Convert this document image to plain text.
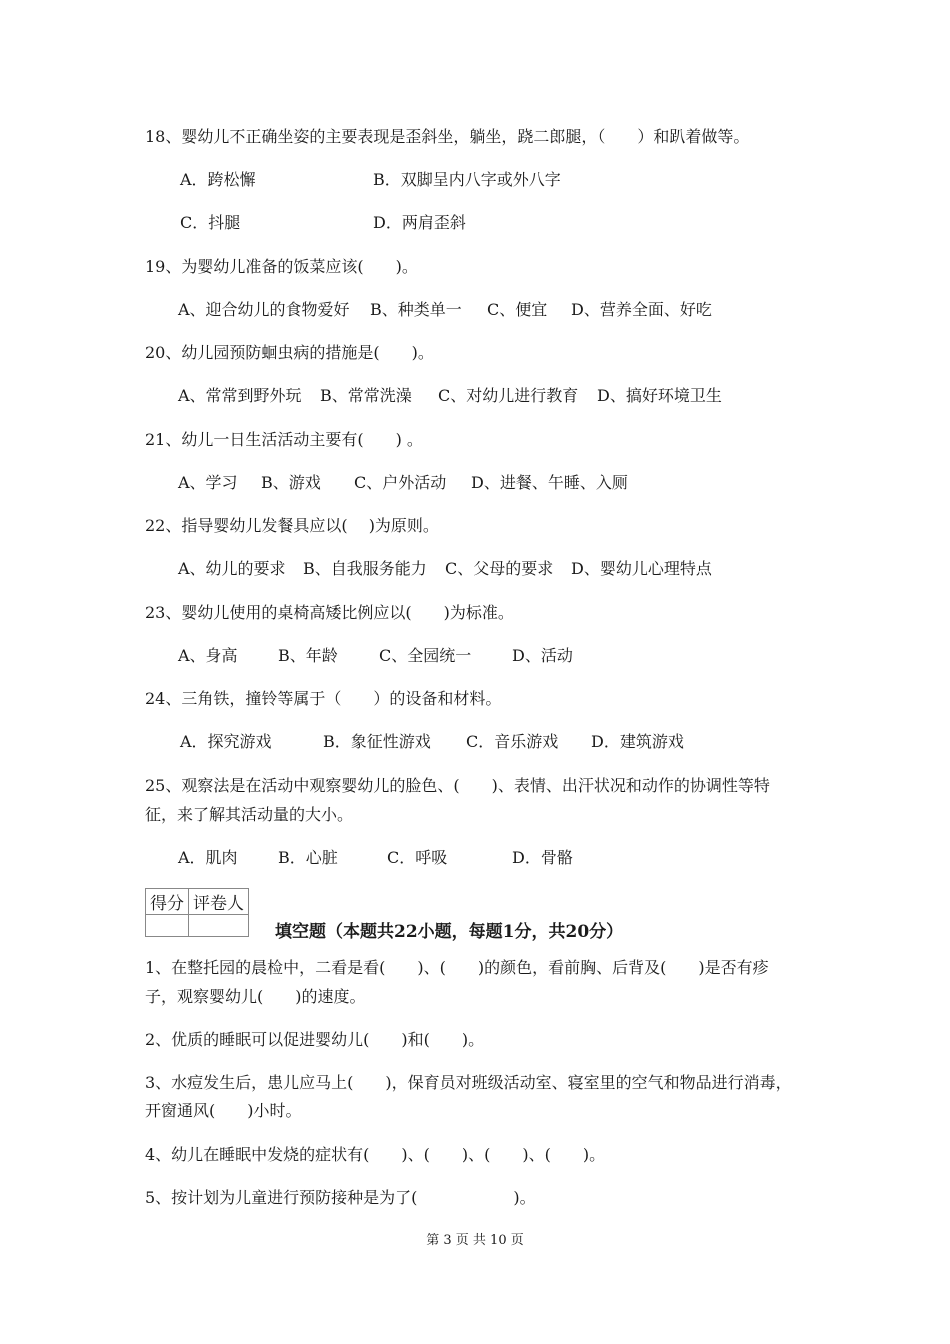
18、婴幼儿不正确坐姿的主要表现是歪斜坐，躺坐，跷二郎腿，（　　）和趴着做等。
A．跨松懈	B．双脚呈内八字或外八字
C．抖腿	D．两肩歪斜
19、为婴幼儿准备的饭菜应该(　　)。
A、迎合幼儿的食物爱好 B、种类单一 C、便宜 D、营养全面、好吃
20、幼儿园预防蛔虫病的措施是(　　)。
A、常常到野外玩 B、常常洗澡 C、对幼儿进行教育 D、搞好环境卫生
21、幼儿一日生活活动主要有(　　) 。
A、学习 B、游戏 C、户外活动 D、进餐、午睡、入厕
22、指导婴幼儿发餐具应以(　 )为原则。
A、幼儿的要求 B、自我服务能力 C、父母的要求 D、婴幼儿心理特点
23、婴幼儿使用的桌椅高矮比例应以(　　)为标准。
A、身高	B、年龄	C、全园统一	D、活动
24、三角铁，撞铃等属于（　　）的设备和材料。
A．探究游戏	B．象征性游戏 C．音乐游戏 D．建筑游戏
25、观察法是在活动中观察婴幼儿的脸色、(　　)、表情、出汗状况和动作的协调性等特
征，来了解其活动量的大小。
A．肌肉	B．心脏	C．呼吸	D．骨骼
得分	评卷人

填空题（本题共22小题，每题1分，共20分）
1、在整托园的晨检中，二看是看(　　)、(　　)的颜色，看前胸、后背及(　　)是否有疹
子，观察婴幼儿(　　)的速度。
2、优质的睡眠可以促进婴幼儿(　　)和(　　)。
3、水痘发生后，患儿应马上(　　)，保育员对班级活动室、寝室里的空气和物品进行消毒，
开窗通风(　　)小时。
4、幼儿在睡眠中发烧的症状有(　　)、(　　)、(　　)、(　　)。
5、按计划为儿童进行预防接种是为了(　　　　　　)。
第 3 页 共 10 页
